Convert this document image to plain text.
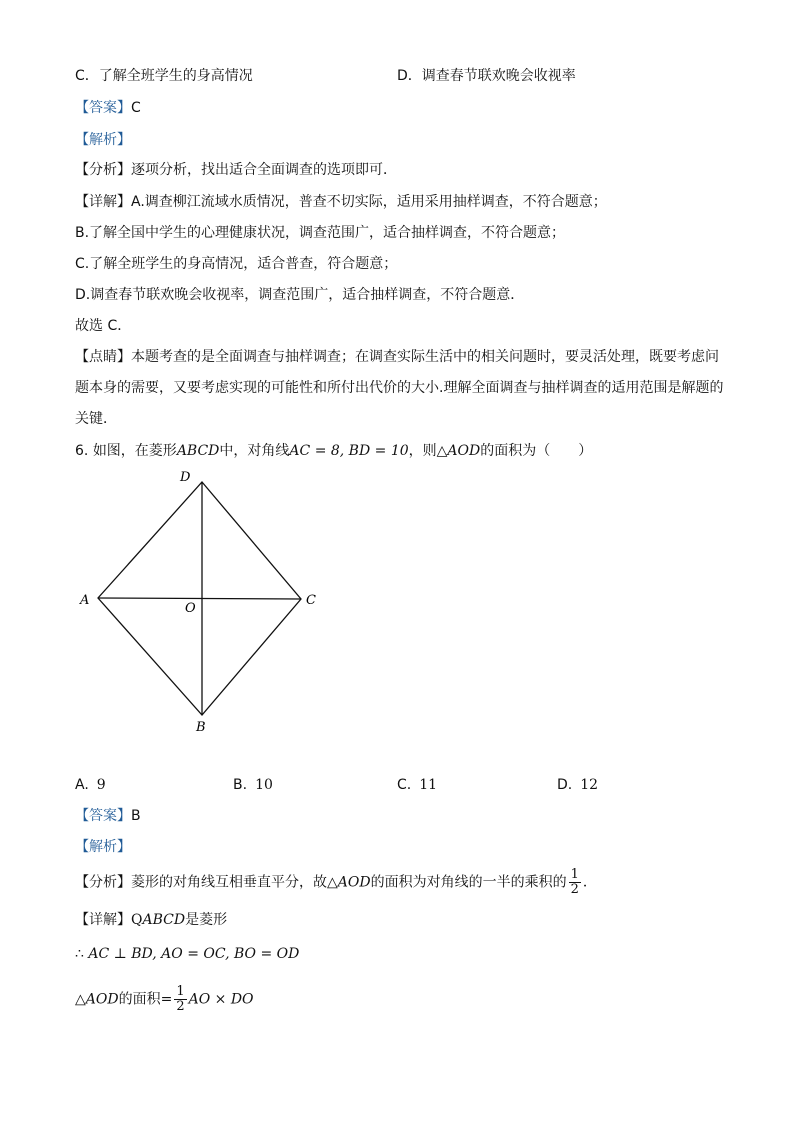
C．了解全班学生的身高情况	D．调查春节联欢晚会收视率
【答案】C
【解析】
【分析】逐项分析，找出适合全面调查的选项即可．
【详解】A.调查柳江流域水质情况，普查不切实际，适用采用抽样调查，不符合题意；
B.了解全国中学生的心理健康状况，调查范围广，适合抽样调查，不符合题意；
C.了解全班学生的身高情况，适合普查，符合题意；
D.调查春节联欢晚会收视率，调查范围广，适合抽样调查，不符合题意．
故选 C．
【点睛】本题考查的是全面调查与抽样调查；在调查实际生活中的相关问题时，要灵活处理，既要考虑问
题本身的需要，又要考虑实现的可能性和所付出代价的大小.理解全面调查与抽样调查的适用范围是解题的
关键．
6. 如图，在菱形ABCD中，对角线AC = 8, BD = 10，则△AOD的面积为（　　）
D
A	C
O
B
A. 9	B. 10	C. 11	D. 12
【答案】B
【解析】
【分析】菱形的对角线互相垂直平分，故△AOD的面积为对角线的一半的乘积的 $\frac{1}{2}$ ．
【详解】QABCD是菱形
∴ AC ⊥ BD, AO = OC, BO = OD
△AOD的面积= $\frac{1}{2}$ AO × DO
